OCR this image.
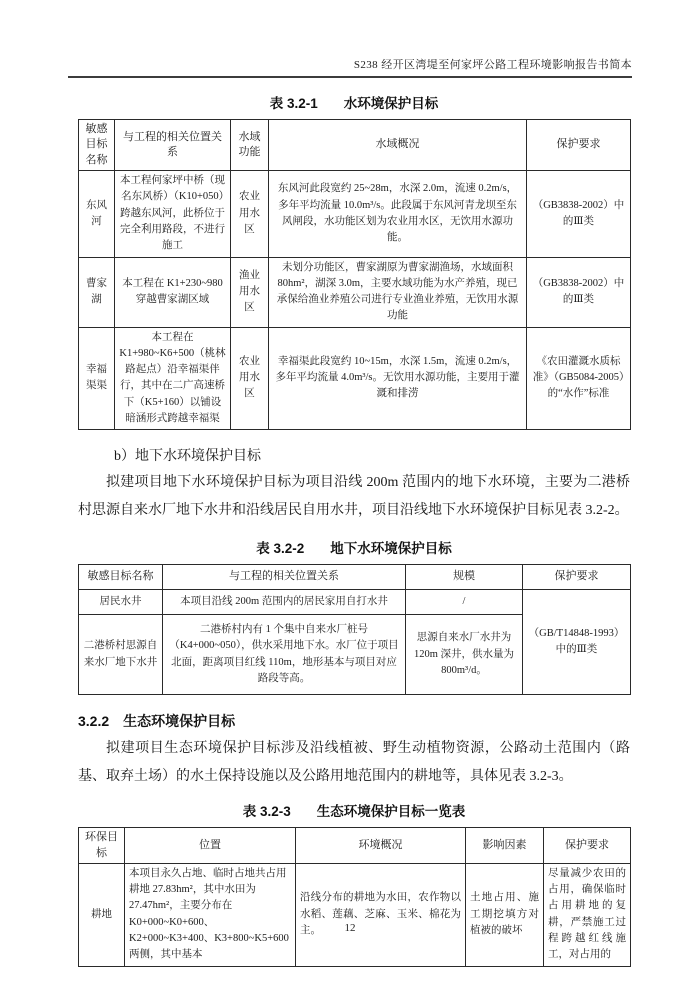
S238 经开区湾堤至何家坪公路工程环境影响报告书简本
表 3.2-1 水环境保护目标
敏感目标名称	与工程的相关位置关系	水域功能	水域概况	保护要求
东风河	本工程何家坪中桥（现名东风桥）（K10+050）跨越东风河，此桥位于完全利用路段，不进行施工	农业用水区	东风河此段宽约 25~28m，水深 2.0m，流速 0.2m/s，多年平均流量 10.0m³/s。此段属于东风河青龙坝至东风闸段，水功能区划为农业用水区，无饮用水源功能。	（GB3838-2002）中的Ⅲ类
曹家湖	本工程在 K1+230~980 穿越曹家湖区域	渔业用水区	未划分功能区，曹家湖原为曹家湖渔场，水域面积 80hm²，湖深 3.0m，主要水域功能为水产养殖，现已承保给渔业养殖公司进行专业渔业养殖，无饮用水源功能	（GB3838-2002）中的Ⅲ类
幸福渠渠	本工程在 K1+980~K6+500（桃林路起点）沿幸福渠伴行，其中在二广高速桥下（K5+160）以铺设暗涵形式跨越幸福渠	农业用水区	幸福渠此段宽约 10~15m，水深 1.5m，流速 0.2m/s，多年平均流量 4.0m³/s。无饮用水源功能，主要用于灌溉和排涝	《农田灌溉水质标准》（GB5084-2005）的“水作”标准
b）地下水环境保护目标

拟建项目地下水环境保护目标为项目沿线 200m 范围内的地下水环境，主要为二港桥村思源自来水厂地下水井和沿线居民自用水井，项目沿线地下水环境保护目标见表 3.2-2。

表 3.2-2 地下水环境保护目标
敏感目标名称	与工程的相关位置关系	规模	保护要求
居民水井	本项目沿线 200m 范围内的居民家用自打水井	/	（GB/T14848-1993）中的Ⅲ类
二港桥村思源自来水厂地下水井	二港桥村内有 1 个集中自来水厂桩号（K4+000~050），供水采用地下水。水厂位于项目北面，距离项目红线 110m，地形基本与项目对应路段等高。	思源自来水厂水井为 120m 深井，供水量为 800m³/d。	
3.2.2 生态环境保护目标

拟建项目生态环境保护目标涉及沿线植被、野生动植物资源，公路动土范围内（路基、取弃土场）的水土保持设施以及公路用地范围内的耕地等，具体见表 3.2-3。

表 3.2-3 生态环境保护目标一览表
环保目标	位置	环境概况	影响因素	保护要求
耕地	本项目永久占地、临时占地共占用耕地 27.83hm²，其中水田为 27.47hm²，主要分布在 K0+000~K0+600、K2+000~K3+400、K3+800~K5+600 两侧，其中基本	沿线分布的耕地为水田，农作物以水稻、莲藕、芝麻、玉米、棉花为主。	土地占用、施工期挖填方对植被的破坏	尽量减少农田的占用，确保临时占用耕地的复耕，严禁施工过程跨越红线施工，对占用的
12
